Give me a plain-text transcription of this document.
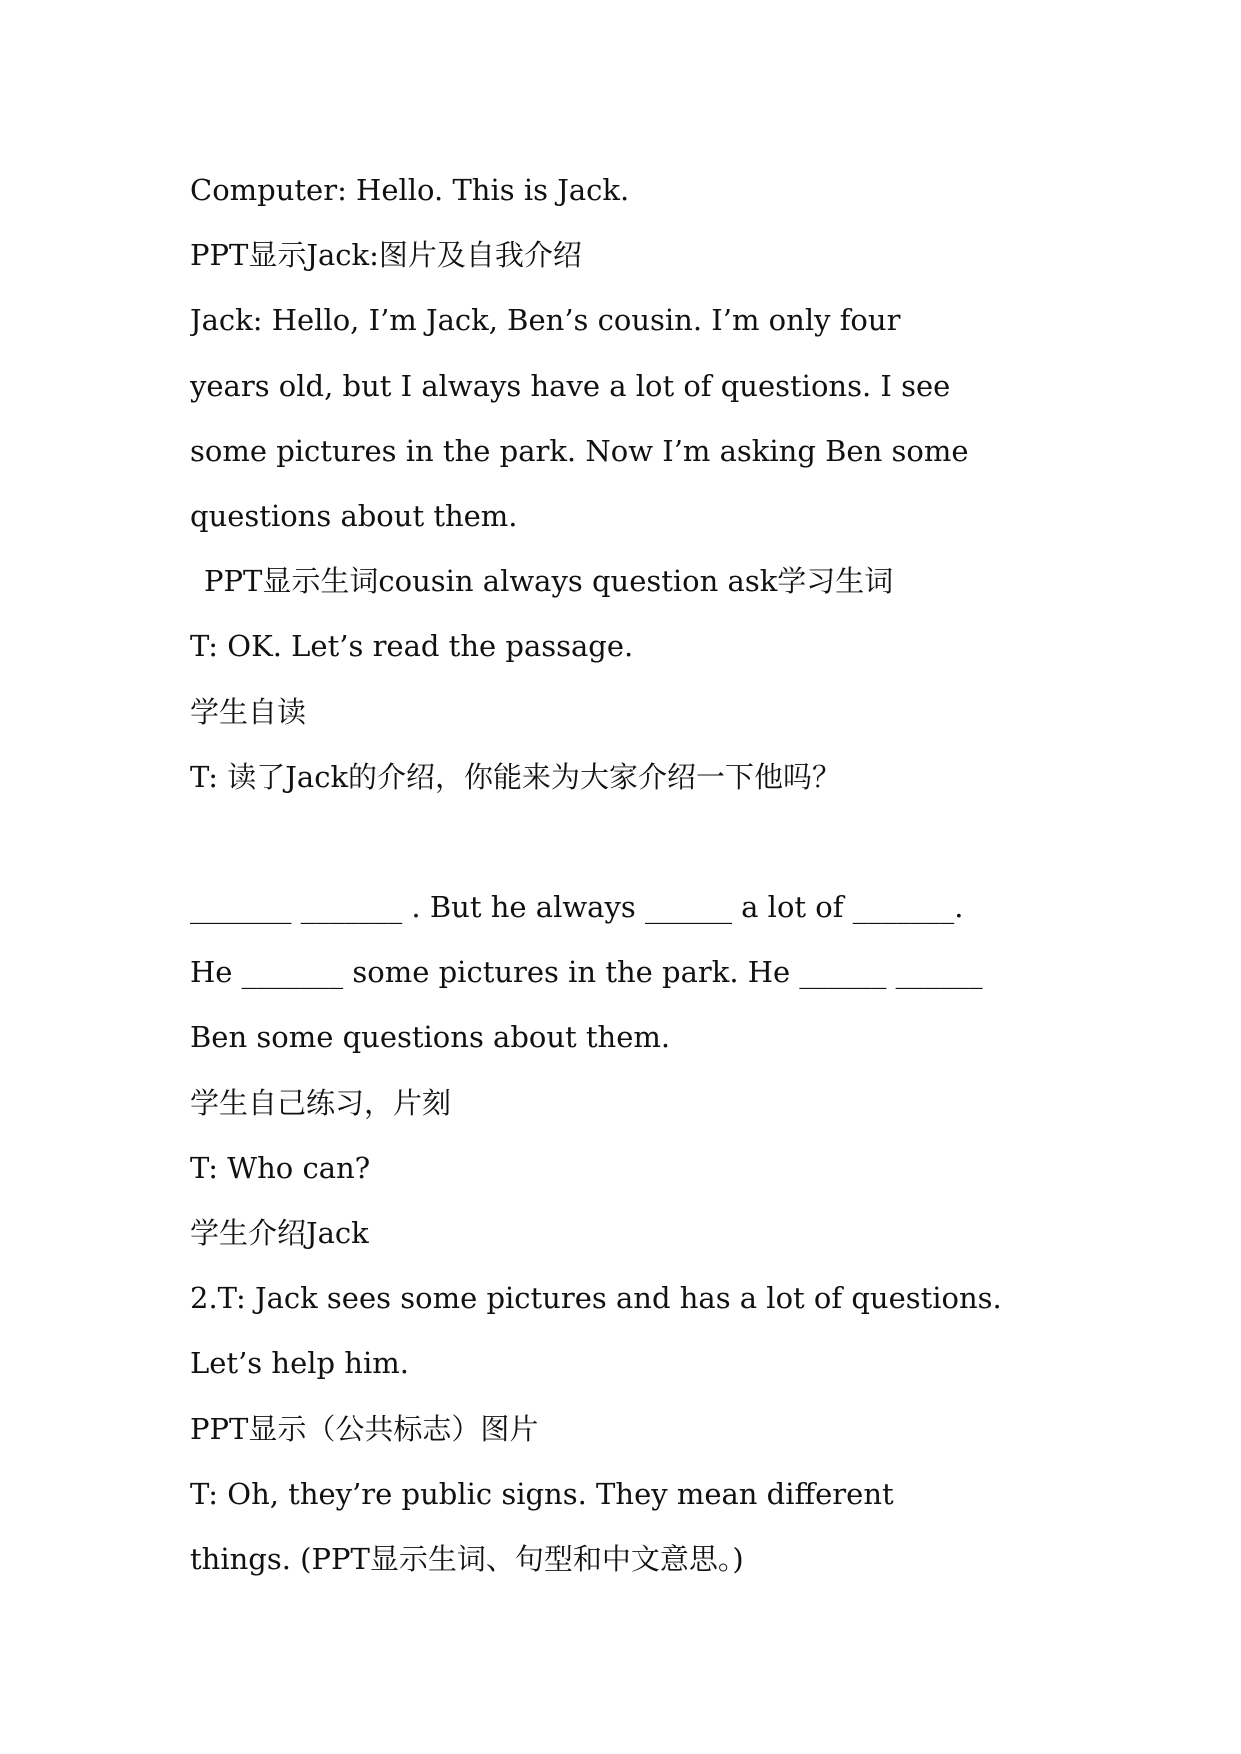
Computer: Hello. This is Jack.
PPT显示Jack:图片及自我介绍
Jack: Hello, I’m Jack, Ben’s cousin. I’m only four
years old, but I always have a lot of questions. I see
some pictures in the park. Now I’m asking Ben some
questions about them.
PPT显示生词cousin always question ask学习生词
T: OK. Let’s read the passage.
学生自读
T: 读了Jack的介绍，你能来为大家介绍一下他吗？

_______ _______ . But he always ______ a lot of _______.
He _______ some pictures in the park. He ______ ______
Ben some questions about them.
学生自己练习，片刻
T: Who can?
学生介绍Jack
2.T: Jack sees some pictures and has a lot of questions.
Let’s help him.
PPT显示（公共标志）图片
T: Oh, they’re public signs. They mean different
things. (PPT显示生词、句型和中文意思。)
